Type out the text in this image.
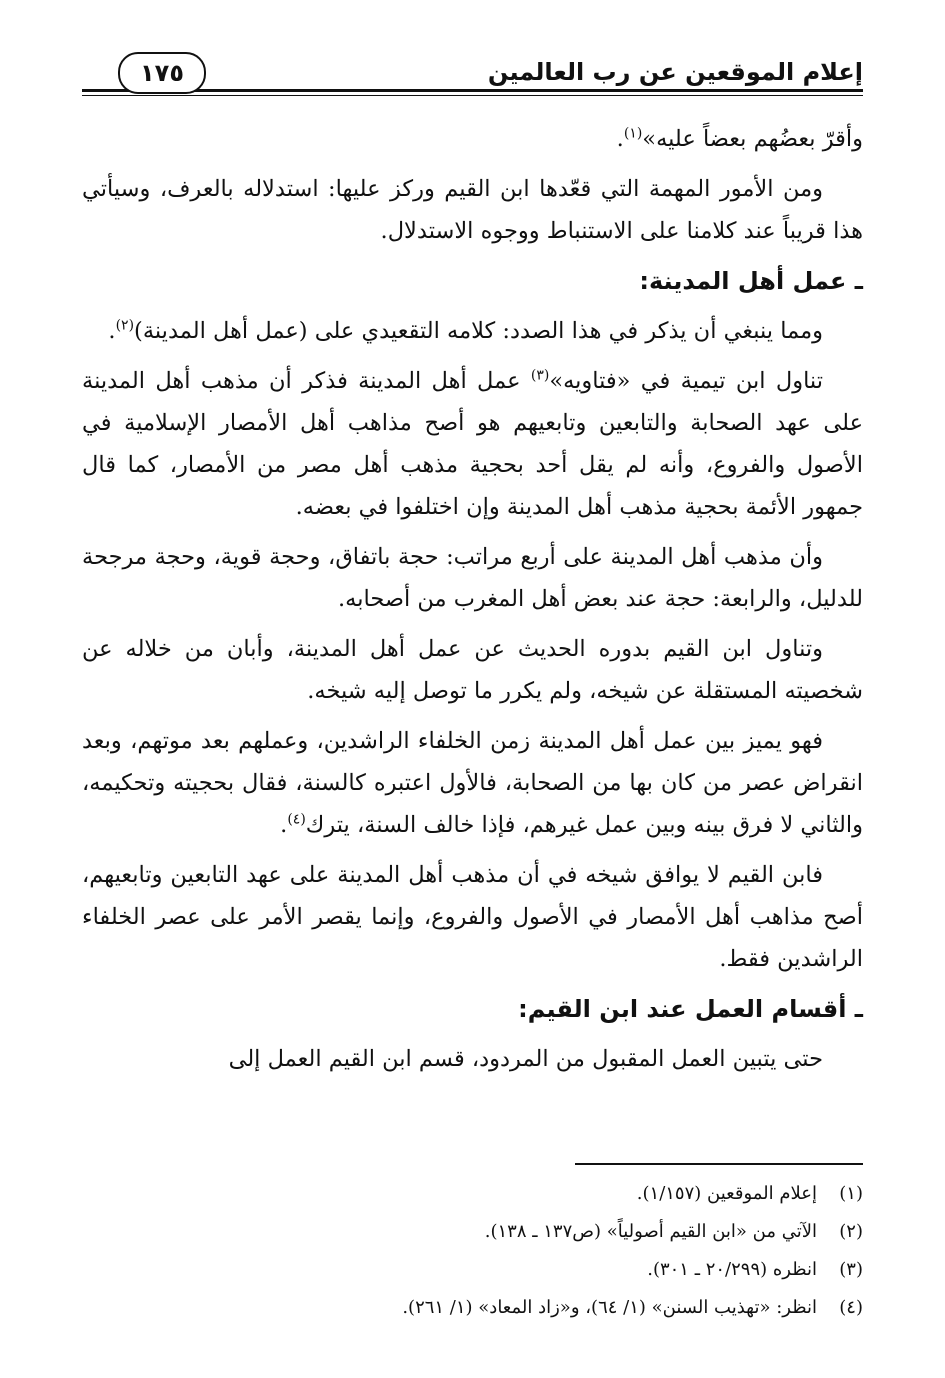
إعلام الموقعين عن رب العالمين
١٧٥

وأقرّ بعضُهم بعضاً عليه»$^{(١)}$.

ومن الأمور المهمة التي قعّدها ابن القيم وركز عليها: استدلاله بالعرف، وسيأتي هذا قريباً عند كلامنا على الاستنباط ووجوه الاستدلال.

ـ عمل أهل المدينة:

ومما ينبغي أن يذكر في هذا الصدد: كلامه التقعيدي على (عمل أهل المدينة)$^{(٢)}$.

تناول ابن تيمية في «فتاويه»$^{(٣)}$ عمل أهل المدينة فذكر أن مذهب أهل المدينة على عهد الصحابة والتابعين وتابعيهم هو أصح مذاهب أهل الأمصار الإسلامية في الأصول والفروع، وأنه لم يقل أحد بحجية مذهب أهل مصر من الأمصار، كما قال جمهور الأئمة بحجية مذهب أهل المدينة وإن اختلفوا في بعضه.

وأن مذهب أهل المدينة على أربع مراتب: حجة باتفاق، وحجة قوية، وحجة مرجحة للدليل، والرابعة: حجة عند بعض أهل المغرب من أصحابه.

وتناول ابن القيم بدوره الحديث عن عمل أهل المدينة، وأبان من خلاله عن شخصيته المستقلة عن شيخه، ولم يكرر ما توصل إليه شيخه.

فهو يميز بين عمل أهل المدينة زمن الخلفاء الراشدين، وعملهم بعد موتهم، وبعد انقراض عصر من كان بها من الصحابة، فالأول اعتبره كالسنة، فقال بحجيته وتحكيمه، والثاني لا فرق بينه وبين عمل غيرهم، فإذا خالف السنة، يترك$^{(٤)}$.

فابن القيم لا يوافق شيخه في أن مذهب أهل المدينة على عهد التابعين وتابعيهم، أصح مذاهب أهل الأمصار في الأصول والفروع، وإنما يقصر الأمر على عصر الخلفاء الراشدين فقط.

ـ أقسام العمل عند ابن القيم:

حتى يتبين العمل المقبول من المردود، قسم ابن القيم العمل إلى

(١)إعلام الموقعين (١/١٥٧).

(٢)الآتي من «ابن القيم أصولياً» (ص١٣٧ ـ ١٣٨).

(٣)انظره (٢٠/٢٩٩ ـ ٣٠١).

(٤)انظر: «تهذيب السنن» (١/ ٦٤)، و«زاد المعاد» (١/ ٢٦١).
